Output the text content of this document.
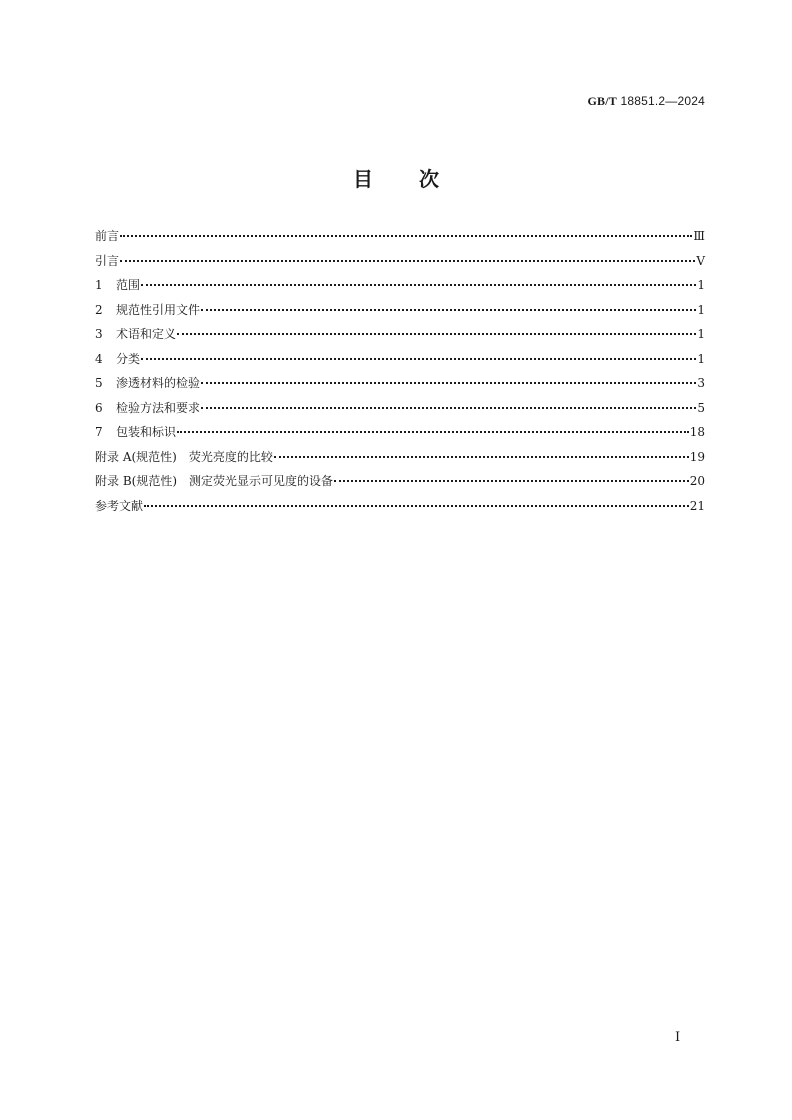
GB/T 18851.2—2024
目次
前言	Ⅲ
引言	Ⅴ
1	范围	1
2	规范性引用文件	1
3	术语和定义	1
4	分类	1
5	渗透材料的检验	3
6	检验方法和要求	5
7	包装和标识	18
附录 A(规范性)　荧光亮度的比较	19
附录 B(规范性)　测定荧光显示可见度的设备	20
参考文献	21
I
